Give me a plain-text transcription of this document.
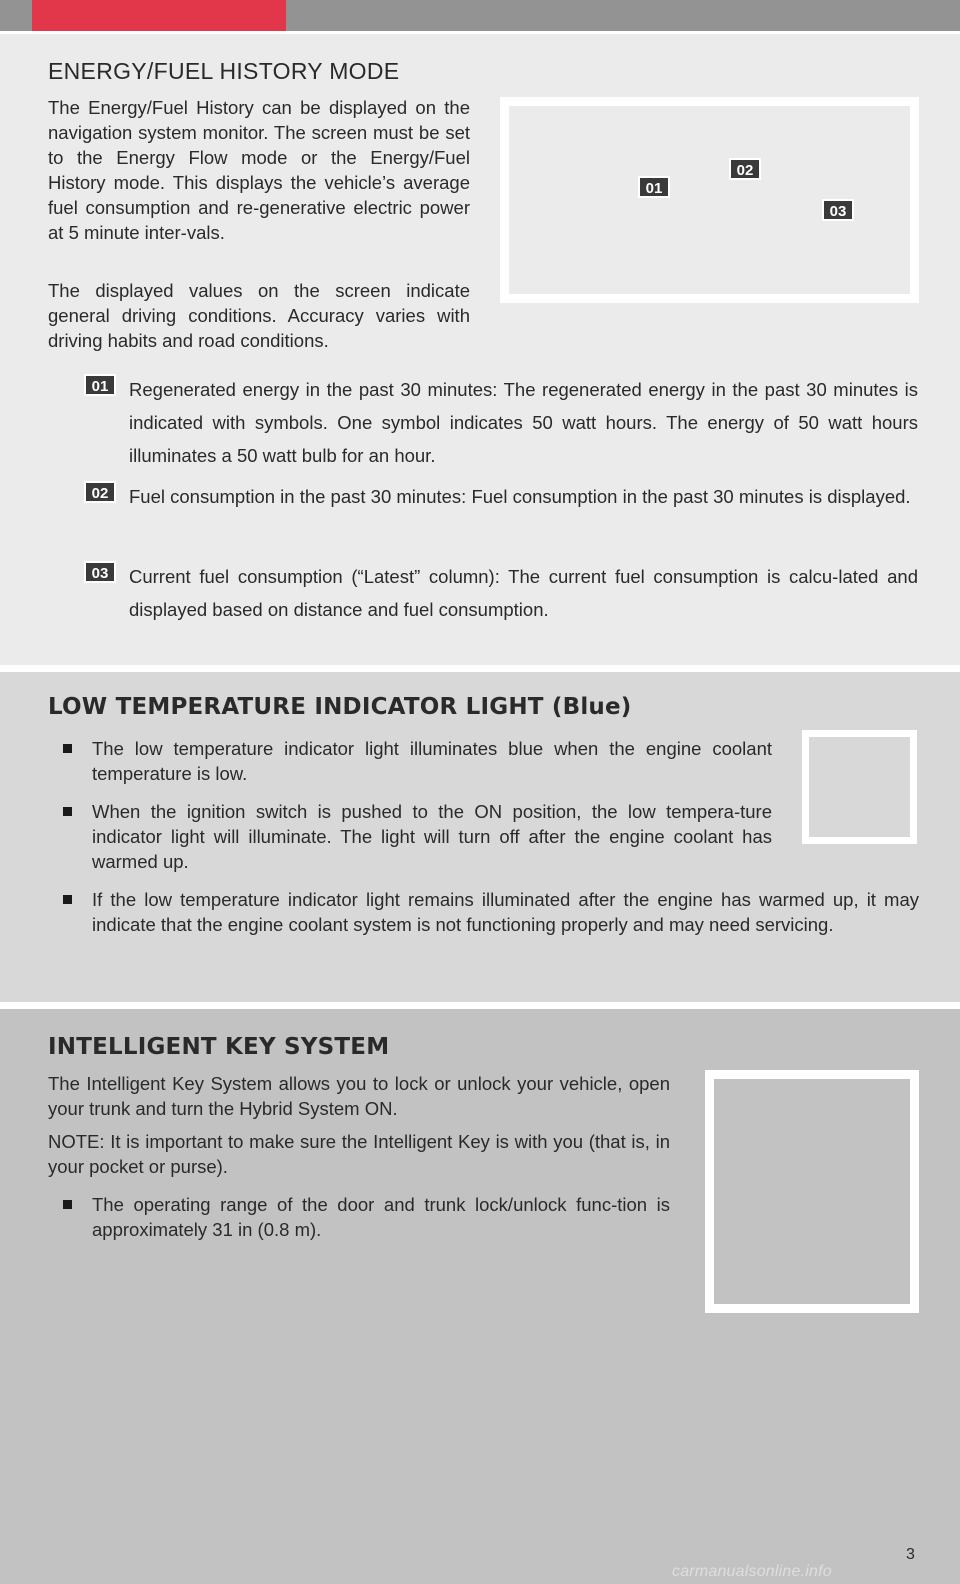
ENERGY/FUEL HISTORY MODE
The Energy/Fuel History can be displayed on the navigation system monitor. The screen must be set to the Energy Flow mode or the Energy/Fuel History mode. This displays the vehicle’s average fuel consumption and re-generative electric power at 5 minute inter-vals.
The displayed values on the screen indicate general driving conditions. Accuracy varies with driving habits and road conditions.
01
02
03
01	Regenerated energy in the past 30 minutes: The regenerated energy in the past 30 minutes is indicated with symbols. One symbol indicates 50 watt hours. The energy of 50 watt hours illuminates a 50 watt bulb for an hour.
02	Fuel consumption in the past 30 minutes: Fuel consumption in the past 30 minutes is displayed.
03	Current fuel consumption (“Latest” column): The current fuel consumption is calcu-lated and displayed based on distance and fuel consumption.
LOW TEMPERATURE INDICATOR LIGHT (Blue)
The low temperature indicator light illuminates blue when the engine coolant temperature is low.
When the ignition switch is pushed to the ON position, the low tempera-ture indicator light will illuminate. The light will turn off after the engine coolant has warmed up.
If the low temperature indicator light remains illuminated after the engine has warmed up, it may indicate that the engine coolant system is not functioning properly and may need servicing.
INTELLIGENT KEY SYSTEM
The Intelligent Key System allows you to lock or unlock your vehicle, open your trunk and turn the Hybrid System ON.
NOTE: It is important to make sure the Intelligent Key is with you (that is, in your pocket or purse).
The operating range of the door and trunk lock/unlock func-tion is approximately 31 in (0.8 m).
3
carmanualsonline.info
